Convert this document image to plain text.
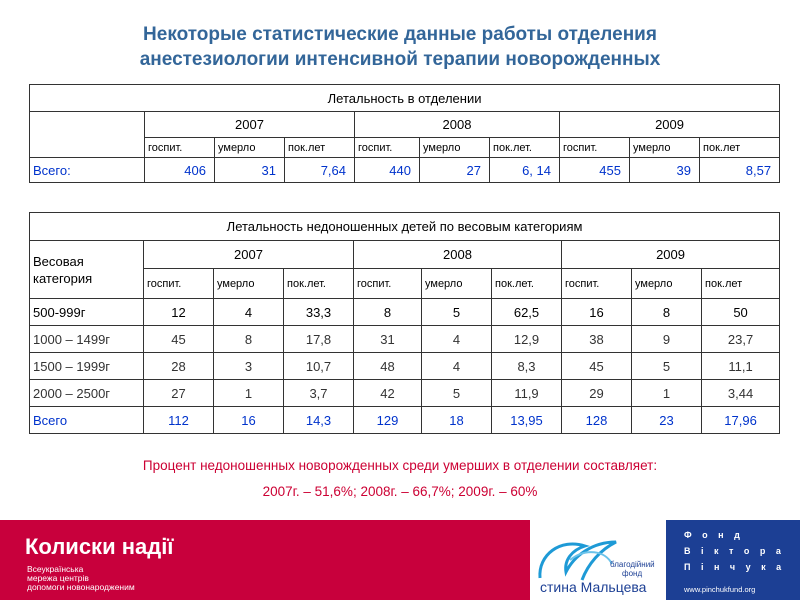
Некоторые статистические данные работы отделения
анестезиологии интенсивной терапии новорожденных
Летальность в отделении									
	2007			2008			2009		
	госпит.	умерло	пок.лет	госпит.	умерло	пок.лет.	госпит.	умерло	пок.лет
Всего:	406	31	7,64	440	27	6, 14	455	39	8,57
Летальность недоношенных детей по весовым категориям									
Весовая категория	2007			2008			2009		
	госпит.	умерло	пок.лет.	госпит.	умерло	пок.лет.	госпит.	умерло	пок.лет
500-999г	12	4	33,3	8	5	62,5	16	8	50
1000 – 1499г	45	8	17,8	31	4	12,9	38	9	23,7
1500 – 1999г	28	3	10,7	48	4	8,3	45	5	11,1
2000 – 2500г	27	1	3,7	42	5	11,9	29	1	3,44
Всего	112	16	14,3	129	18	13,95	128	23	17,96
Процент недоношенных новорожденных среди умерших в отделении составляет:
2007г. – 51,6%; 2008г. – 66,7%; 2009г. – 60%
Колиски надії
Всеукраїнська
мережа центрів
допомоги новонародженим
благодійний
фонд
стина Мальцева
Ф о н д
В і к т о р а
П і н ч у к а
www.pinchukfund.org
